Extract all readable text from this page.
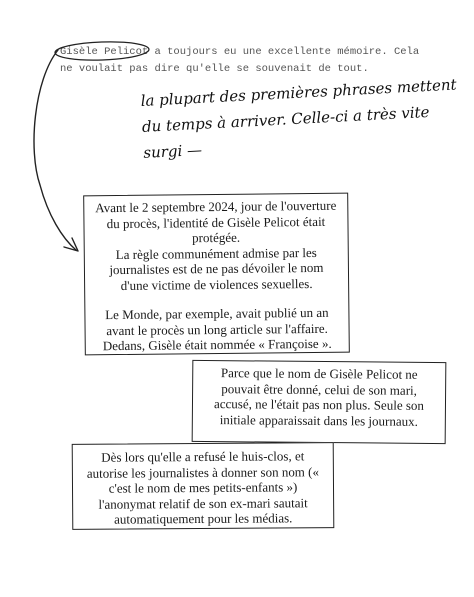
Gisèle Pelicot a toujours eu une excellente mémoire. Cela

ne voulait pas dire qu'elle se souvenait de tout.

la plupart des premières phrases mettent

du temps à arriver. Celle-ci a très vite

surgi —

Avant le 2 septembre 2024, jour de l'ouverture du procès, l'identité de Gisèle Pelicot était protégée.

La règle communément admise par les journalistes est de ne pas dévoiler le nom d'une victime de violences sexuelles.

Le Monde, par exemple, avait publié un an avant le procès un long article sur l'affaire. Dedans, Gisèle était nommée « Françoise ».

Parce que le nom de Gisèle Pelicot ne pouvait être donné, celui de son mari, accusé, ne l'était pas non plus. Seule son initiale apparaissait dans les journaux.

Dès lors qu'elle a refusé le huis-clos, et autorise les journalistes à donner son nom (« c'est le nom de mes petits-enfants ») l'anonymat relatif de son ex-mari sautait automatiquement pour les médias.
